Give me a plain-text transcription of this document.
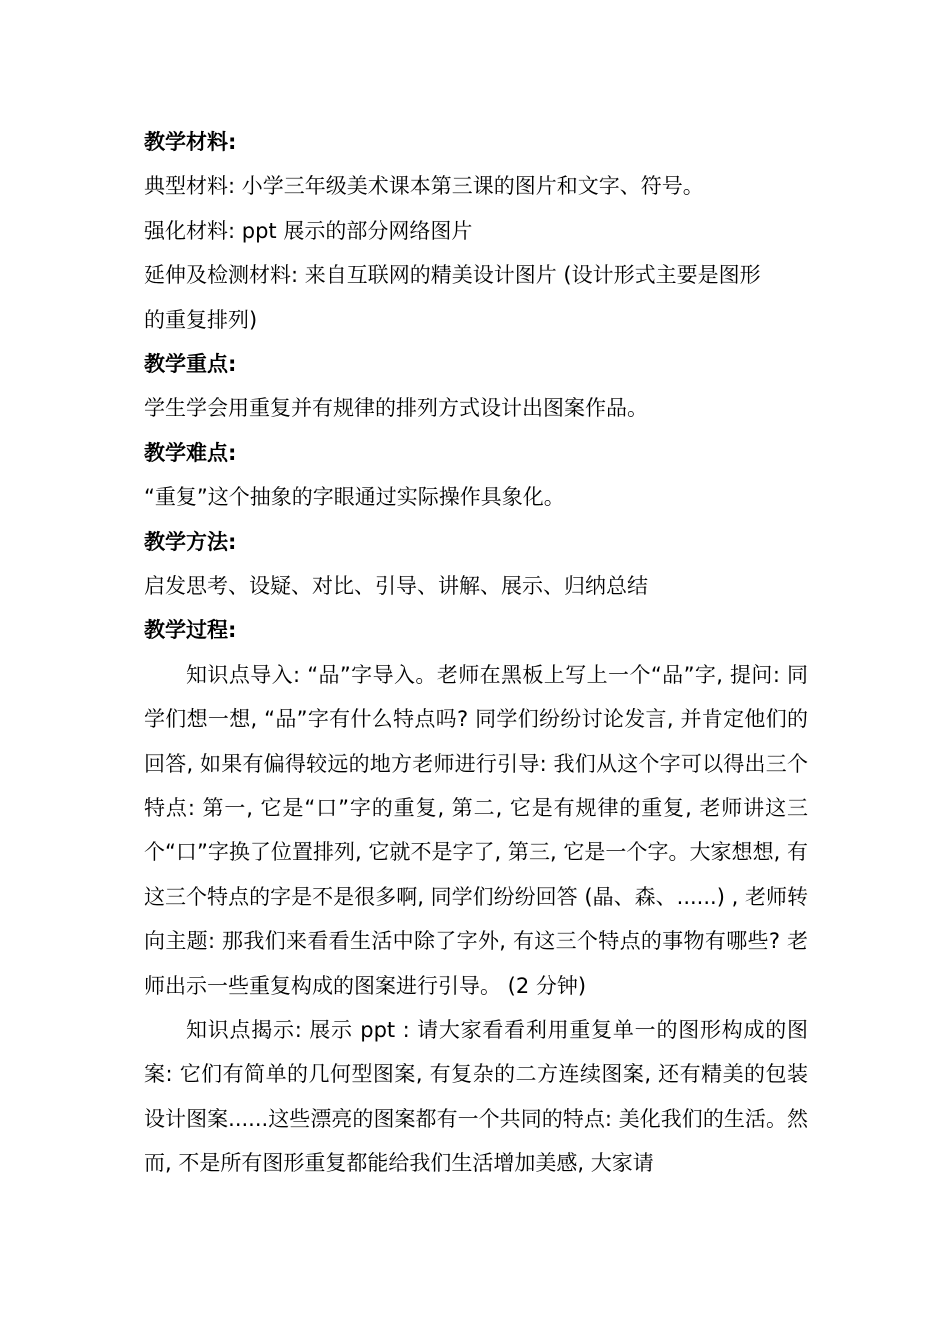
教学材料:
典型材料: 小学三年级美术课本第三课的图片和文字、符号。
强化材料: ppt 展示的部分网络图片
延伸及检测材料: 来自互联网的精美设计图片 (设计形式主要是图形
的重复排列)
教学重点:
学生学会用重复并有规律的排列方式设计出图案作品。
教学难点:
“重复”这个抽象的字眼通过实际操作具象化。
教学方法:
启发思考、设疑、对比、引导、讲解、展示、归纳总结
教学过程:

知识点导入: “品”字导入。老师在黑板上写上一个“品”字, 提问: 同学们想一想, “品”字有什么特点吗? 同学们纷纷讨论发言, 并肯定他们的回答, 如果有偏得较远的地方老师进行引导: 我们从这个字可以得出三个特点: 第一, 它是“口”字的重复, 第二, 它是有规律的重复, 老师讲这三个“口”字换了位置排列, 它就不是字了, 第三, 它是一个字。大家想想, 有这三个特点的字是不是很多啊, 同学们纷纷回答 (晶、森、......) , 老师转向主题: 那我们来看看生活中除了字外, 有这三个特点的事物有哪些? 老师出示一些重复构成的图案进行引导。 (2 分钟)

知识点揭示: 展示 ppt : 请大家看看利用重复单一的图形构成的图案: 它们有简单的几何型图案, 有复杂的二方连续图案, 还有精美的包装设计图案......这些漂亮的图案都有一个共同的特点: 美化我们的生活。然而, 不是所有图形重复都能给我们生活增加美感, 大家请
